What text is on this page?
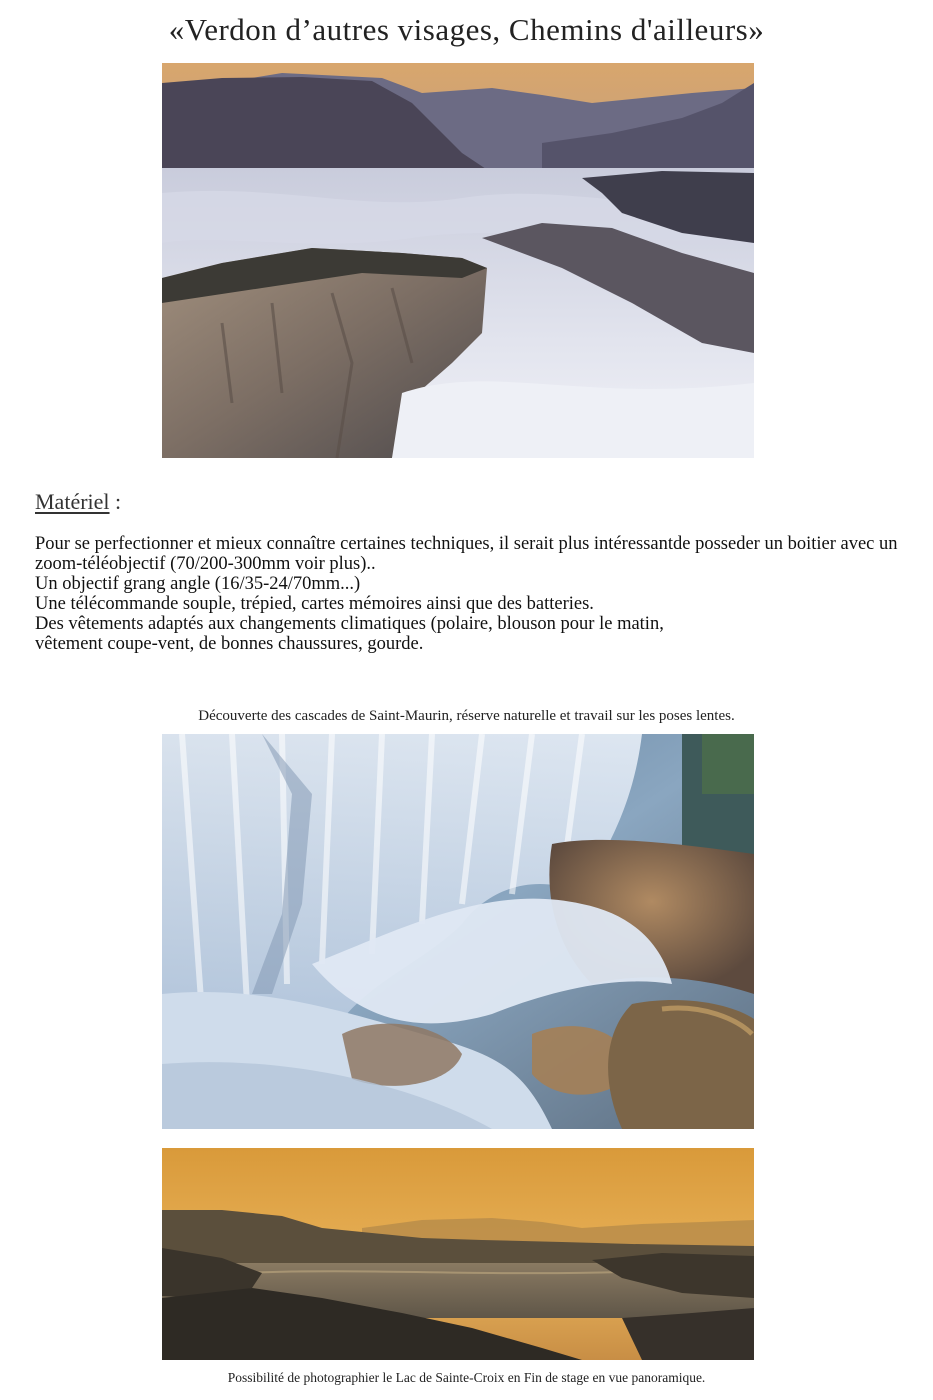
«Verdon d’autres visages, Chemins d'ailleurs»
Matériel :

Pour se perfectionner et mieux connaître certaines techniques, il serait plus intéressantde posseder un boitier avec un zoom-téléobjectif (70/200-300mm voir plus)..

Un objectif grang angle (16/35-24/70mm...)

Une télécommande souple, trépied, cartes mémoires ainsi que des batteries.

Des vêtements adaptés aux changements climatiques (polaire, blouson pour le matin,

vêtement coupe-vent, de bonnes chaussures, gourde.

Découverte des cascades de Saint-Maurin, réserve naturelle et travail sur les poses lentes.
Possibilité de photographier le Lac de Sainte-Croix en Fin de stage en vue panoramique.
